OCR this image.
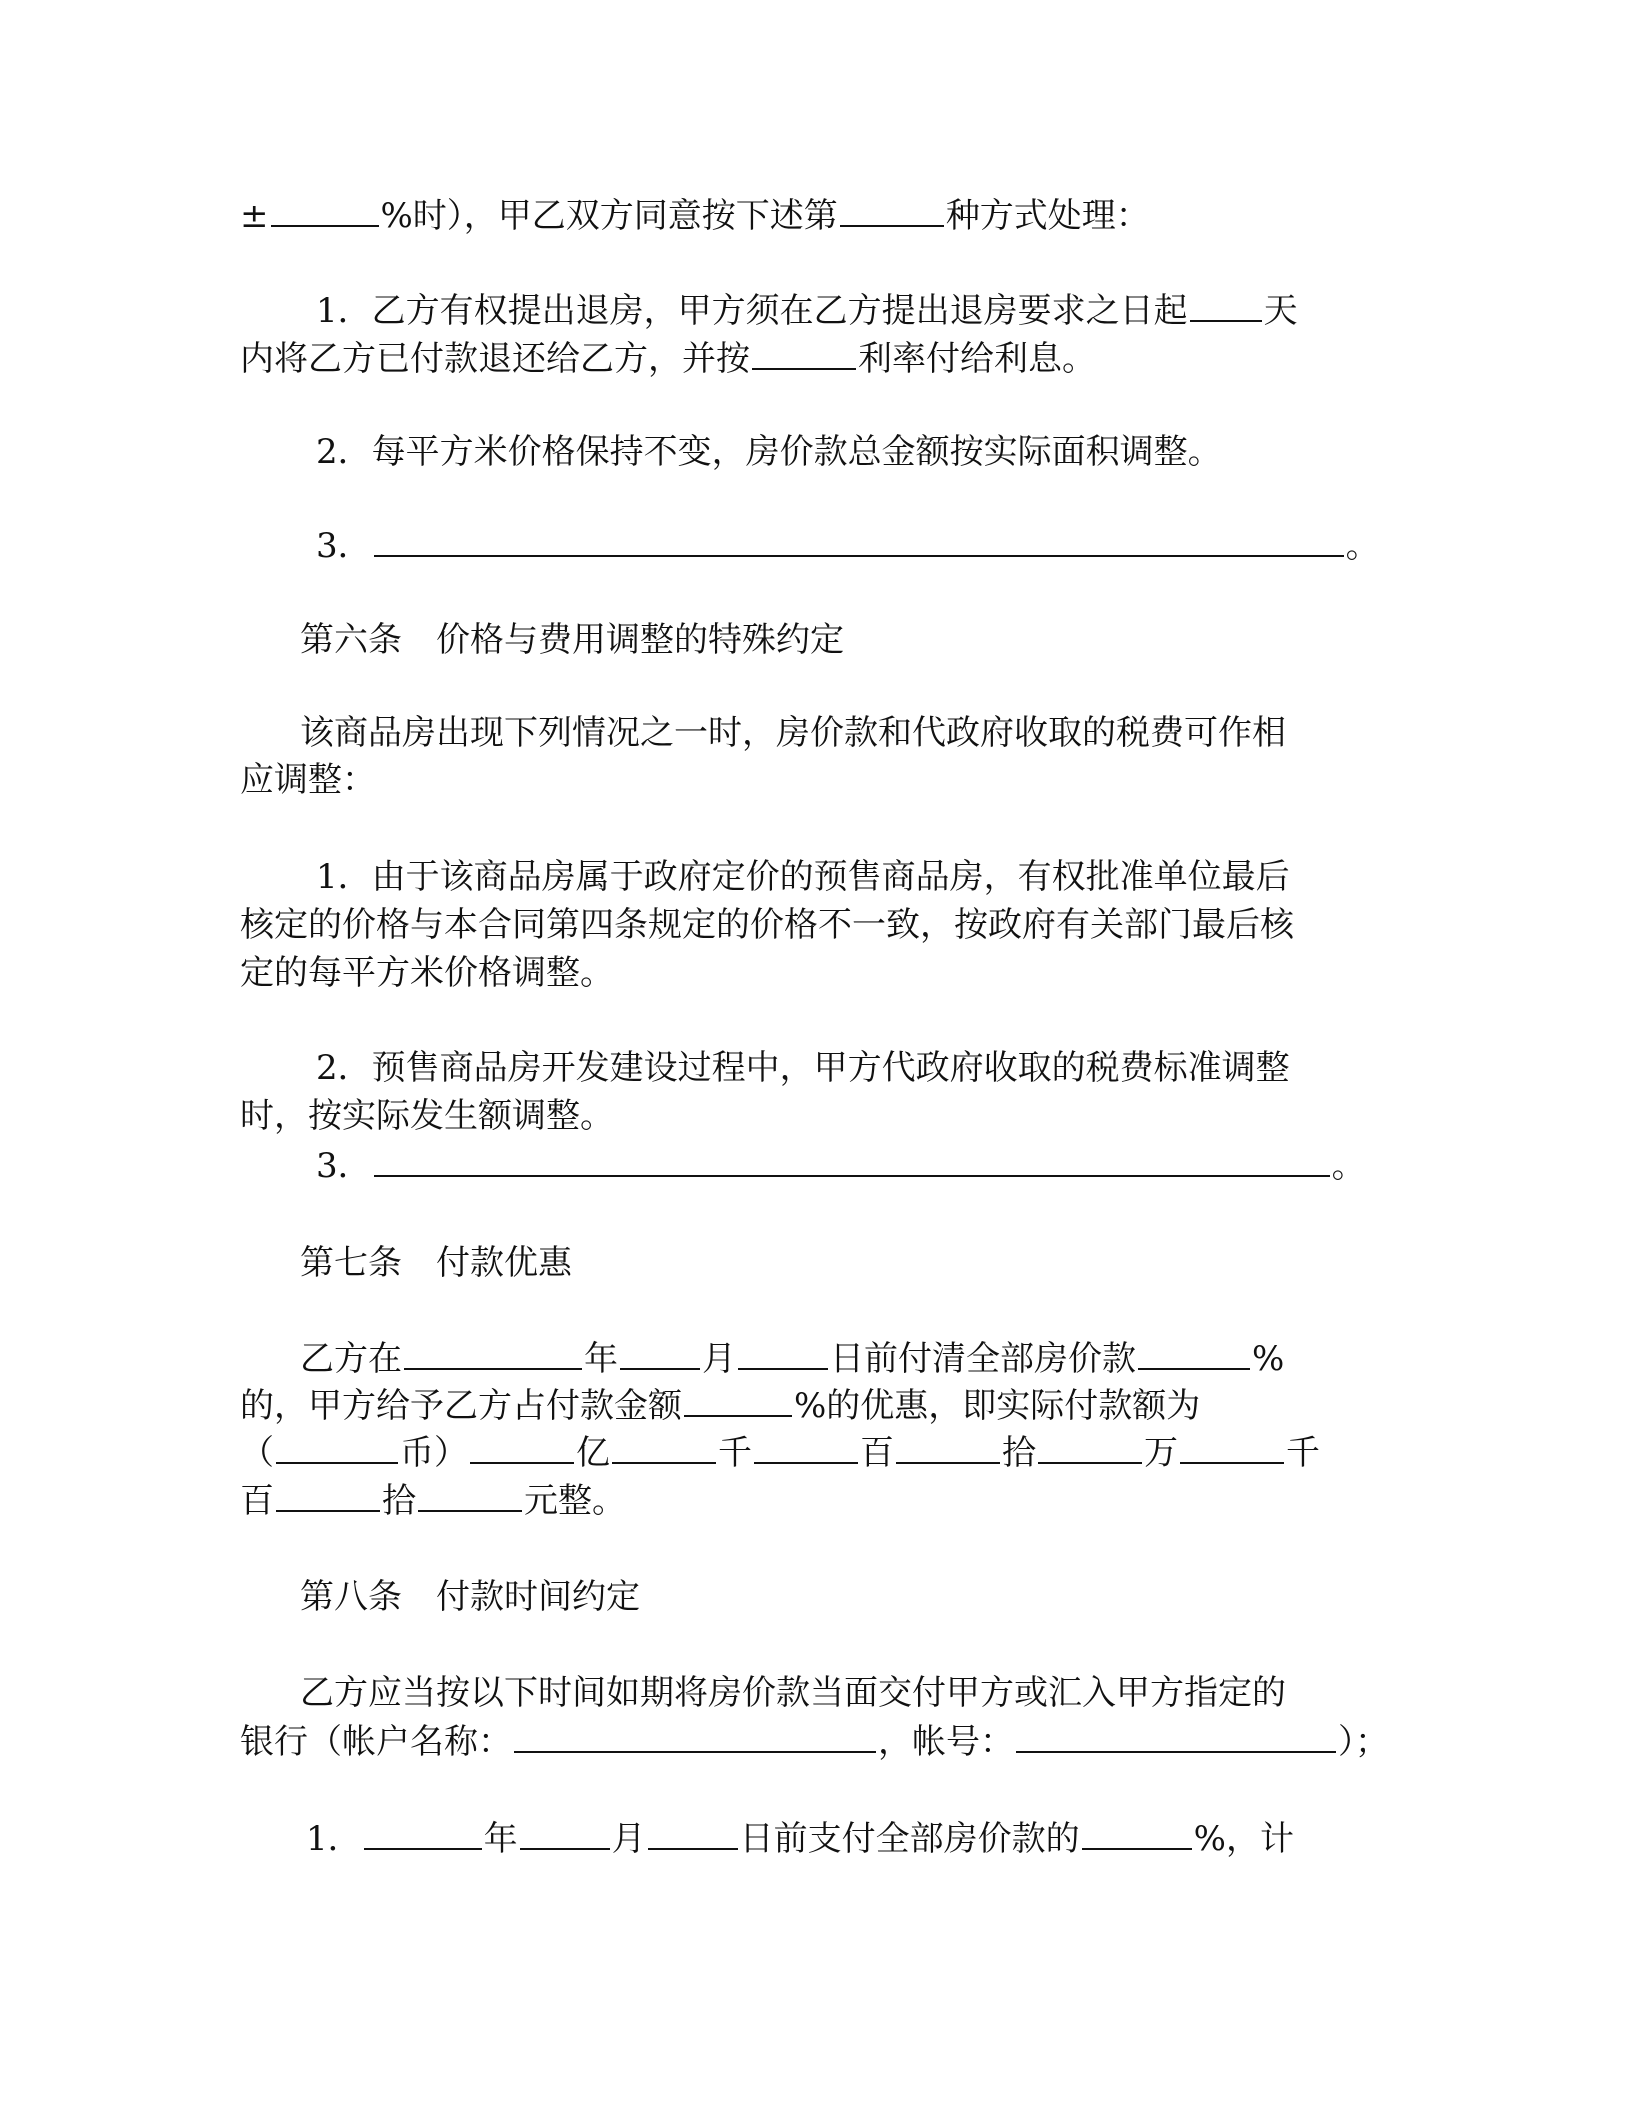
±	%时），甲乙双方同意按下述第	种方式处理：

1．乙方有权提出退房，甲方须在乙方提出退房要求之日起 天

内将乙方已付款退还给乙方，并按	利率付给利息。

2．每平方米价格保持不变，房价款总金额按实际面积调整。

3．	。

第六条　价格与费用调整的特殊约定

该商品房出现下列情况之一时，房价款和代政府收取的税费可作相

应调整：

1．由于该商品房属于政府定价的预售商品房，有权批准单位最后

核定的价格与本合同第四条规定的价格不一致，按政府有关部门最后核

定的每平方米价格调整。

2．预售商品房开发建设过程中，甲方代政府收取的税费标准调整

时，按实际发生额调整。

3．	。

第七条　付款优惠

乙方在	年 月	日前付清全部房价款	%

的，甲方给予乙方占付款金额	%的优惠，即实际付款额为

（	币）	亿	千	百	拾	万	千

百	拾	元整。

第八条　付款时间约定

乙方应当按以下时间如期将房价款当面交付甲方或汇入甲方指定的

银行（帐户名称：	，帐号：	）；

1．	年	月	日前支付全部房价款的	%，计
